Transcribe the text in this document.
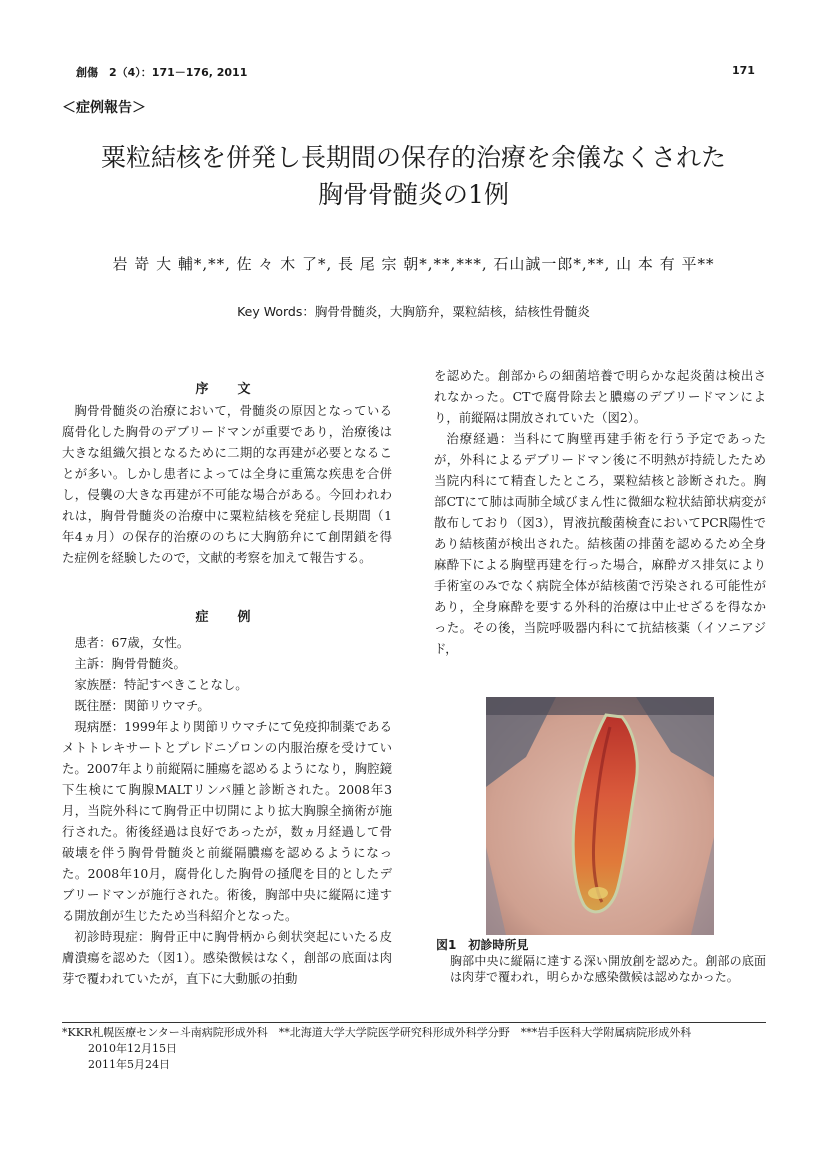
創傷　2（4）：171－176, 2011	171
＜症例報告＞
粟粒結核を併発し長期間の保存的治療を余儀なくされた
胸骨骨髄炎の1例
岩 嵜 大 輔*,**, 佐 々 木 了*, 長 尾 宗 朝*,**,***, 石山誠一郎*,**, 山 本 有 平**
Key Words：胸骨骨髄炎，大胸筋弁，粟粒結核，結核性骨髄炎
序　文

胸骨骨髄炎の治療において，骨髄炎の原因となっている腐骨化した胸骨のデブリードマンが重要であり，治療後は大きな組織欠損となるために二期的な再建が必要となることが多い。しかし患者によっては全身に重篤な疾患を合併し，侵襲の大きな再建が不可能な場合がある。今回われわれは，胸骨骨髄炎の治療中に粟粒結核を発症し長期間（1年4ヵ月）の保存的治療ののちに大胸筋弁にて創閉鎖を得た症例を経験したので，文献的考察を加えて報告する。

症　例

患者：67歳，女性。

主訴：胸骨骨髄炎。

家族歴：特記すべきことなし。

既往歴：関節リウマチ。

現病歴：1999年より関節リウマチにて免疫抑制薬であるメトトレキサートとプレドニゾロンの内服治療を受けていた。2007年より前縦隔に腫瘍を認めるようになり，胸腔鏡下生検にて胸腺MALTリンパ腫と診断された。2008年3月，当院外科にて胸骨正中切開により拡大胸腺全摘術が施行された。術後経過は良好であったが，数ヵ月経過して骨破壊を伴う胸骨骨髄炎と前縦隔膿瘍を認めるようになった。2008年10月，腐骨化した胸骨の掻爬を目的としたデブリードマンが施行された。術後，胸部中央に縦隔に達する開放創が生じたため当科紹介となった。

初診時現症：胸骨正中に胸骨柄から剣状突起にいたる皮膚潰瘍を認めた（図1）。感染徴候はなく，創部の底面は肉芽で覆われていたが，直下に大動脈の拍動

を認めた。創部からの細菌培養で明らかな起炎菌は検出されなかった。CTで腐骨除去と膿瘍のデブリードマンにより，前縦隔は開放されていた（図2）。

治療経過：当科にて胸壁再建手術を行う予定であったが，外科によるデブリードマン後に不明熱が持続したため当院内科にて精査したところ，粟粒結核と診断された。胸部CTにて肺は両肺全域びまん性に微細な粒状結節状病変が散布しており（図3），胃液抗酸菌検査においてPCR陽性であり結核菌が検出された。結核菌の排菌を認めるため全身麻酔下による胸壁再建を行った場合，麻酔ガス排気により手術室のみでなく病院全体が結核菌で汚染される可能性があり，全身麻酔を要する外科的治療は中止せざるを得なかった。その後，当院呼吸器内科にて抗結核薬（イソニアジド，

図1　初診時所見
胸部中央に縦隔に達する深い開放創を認めた。創部の底面は肉芽で覆われ，明らかな感染徴候は認めなかった。
*KKR札幌医療センター斗南病院形成外科　**北海道大学大学院医学研究科形成外科学分野　***岩手医科大学附属病院形成外科
2010年12月15日
2011年5月24日
